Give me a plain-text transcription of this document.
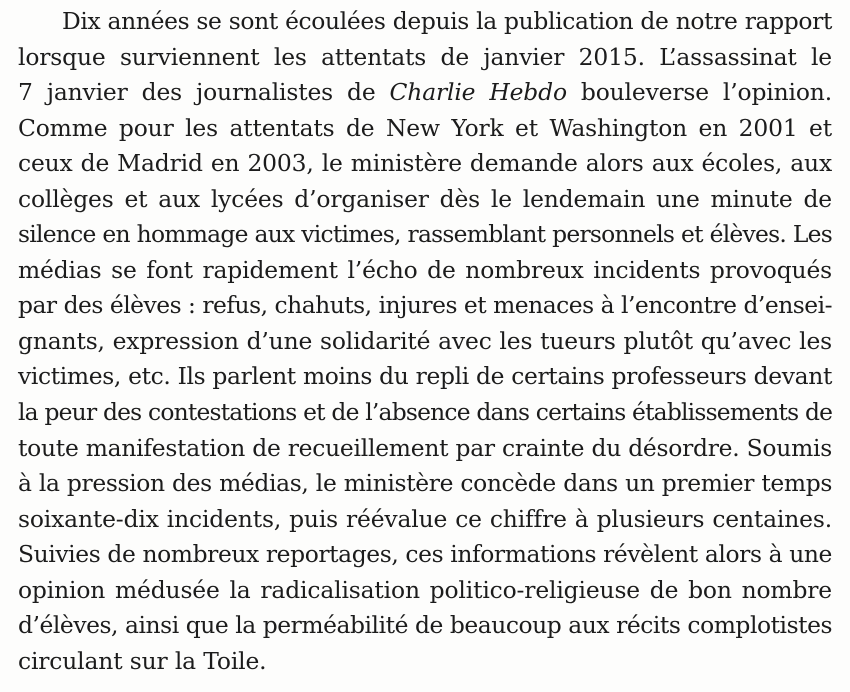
Dix années se sont écoulées depuis la publication de notre rapport
lorsque surviennent les attentats de janvier 2015. L’assassinat le
7 janvier des journalistes de Charlie Hebdo bouleverse l’opinion.
Comme pour les attentats de New York et Washington en 2001 et
ceux de Madrid en 2003, le ministère demande alors aux écoles, aux
collèges et aux lycées d’organiser dès le lendemain une minute de
silence en hommage aux victimes, rassemblant personnels et élèves. Les
médias se font rapidement l’écho de nombreux incidents provoqués
par des élèves : refus, chahuts, injures et menaces à l’encontre d’ensei-
gnants, expression d’une solidarité avec les tueurs plutôt qu’avec les
victimes, etc. Ils parlent moins du repli de certains professeurs devant
la peur des contestations et de l’absence dans certains établissements de
toute manifestation de recueillement par crainte du désordre. Soumis
à la pression des médias, le ministère concède dans un premier temps
soixante-dix incidents, puis réévalue ce chiffre à plusieurs centaines.
Suivies de nombreux reportages, ces informations révèlent alors à une
opinion médusée la radicalisation politico-religieuse de bon nombre
d’élèves, ainsi que la perméabilité de beaucoup aux récits complotistes
circulant sur la Toile.
